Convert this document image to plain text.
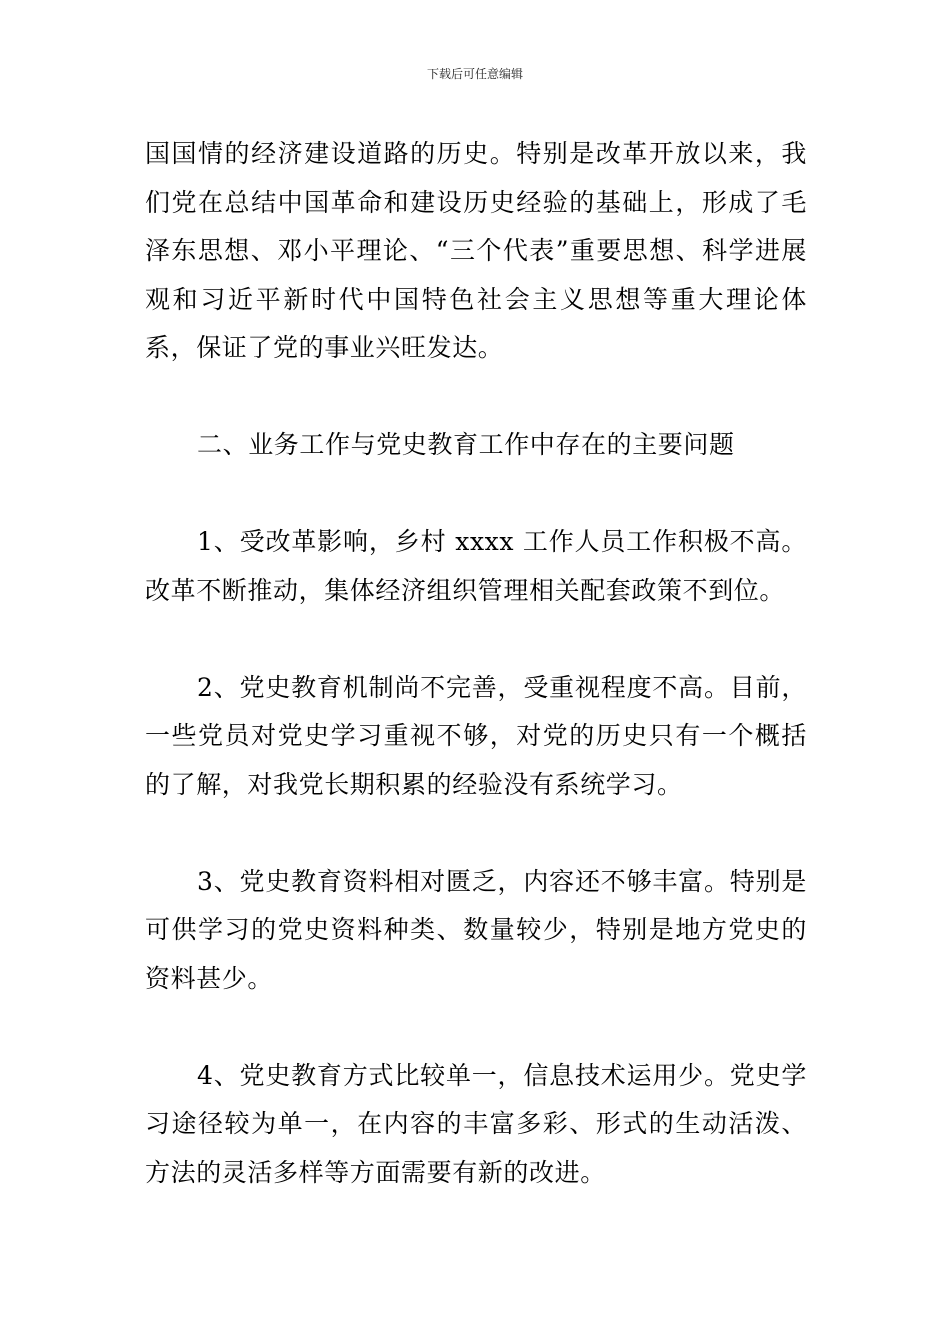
下载后可任意编辑

国国情的经济建设道路的历史。特别是改革开放以来，我们党在总结中国革命和建设历史经验的基础上，形成了毛泽东思想、邓小平理论、“三个代表”重要思想、科学进展观和习近平新时代中国特色社会主义思想等重大理论体系，保证了党的事业兴旺发达。

二、业务工作与党史教育工作中存在的主要问题

1、受改革影响，乡村 xxxx 工作人员工作积极不高。改革不断推动，集体经济组织管理相关配套政策不到位。

2、党史教育机制尚不完善，受重视程度不高。目前，一些党员对党史学习重视不够，对党的历史只有一个概括的了解，对我党长期积累的经验没有系统学习。

3、党史教育资料相对匮乏，内容还不够丰富。特别是可供学习的党史资料种类、数量较少，特别是地方党史的资料甚少。

4、党史教育方式比较单一，信息技术运用少。党史学习途径较为单一，在内容的丰富多彩、形式的生动活泼、方法的灵活多样等方面需要有新的改进。
